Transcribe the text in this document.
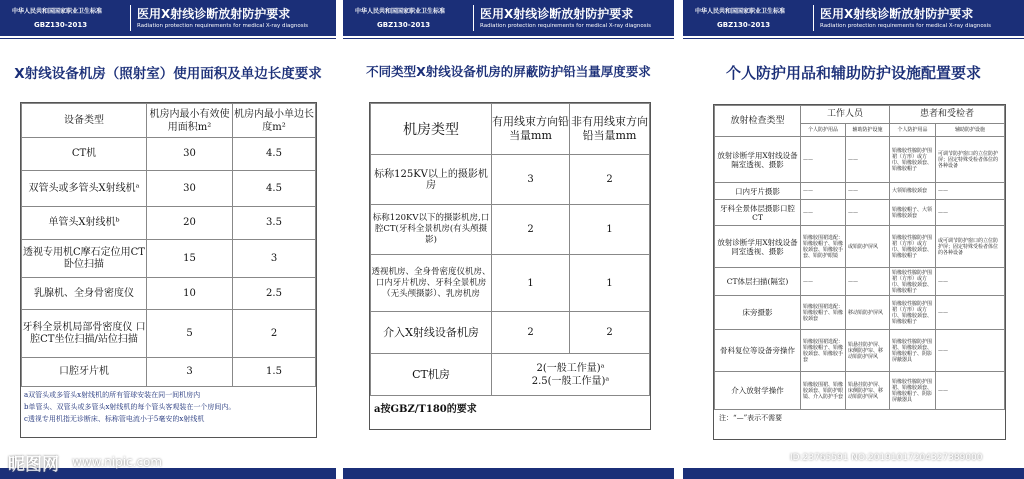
中华人民共和国国家职业卫生标准
GBZ130-2013
医用X射线诊断放射防护要求
Radiation protection requirements for medical X-ray diagnosis
X射线设备机房（照射室）使用面积及单边长度要求
设备类型	机房内最小有效使用面积m²	机房内最小单边长度m²
CT机	30	4.5
双管头或多管头X射线机ᵃ	30	4.5
单管头X射线机ᵇ	20	3.5
透视专用机C摩石定位用CT卧位扫描	15	3
乳腺机、全身骨密度仪	10	2.5
牙科全景机局部骨密度仪 口腔CT坐位扫描/站位扫描	5	2
口腔牙片机	3	1.5
a双管头或多管头x射线机的所有管球安装在同一间机房内
b单管头、双管头或多管头x射线机的每个管头客观装在一个房间内。
c透视专用机指无诊断床、标称管电流小于5毫安的x射线机
中华人民共和国国家职业卫生标准
GBZ130-2013
医用X射线诊断放射防护要求
Radiation protection requirements for medical X-ray diagnosis
不同类型X射线设备机房的屏蔽防护铅当量厚度要求
机房类型	有用线束方向铅当量mm	非有用线束方向铅当量mm
标称125KV以上的摄影机房	3	2
标称120KV以下的摄影机房,口腔CT(牙科全景机房(有头颅摄影)	2	1
透视机房、全身骨密度仪机房、口内牙片机房、牙科全景机房（无头颅摄影）、乳房机房	1	1
介入X射线设备机房	2	2
CT机房	2(一般工作量)ᵃ
2.5(一般工作量)ᵃ	
a按GBZ/T180的要求
中华人民共和国国家职业卫生标准
GBZ130-2013
医用X射线诊断放射防护要求
Radiation protection requirements for medical X-ray diagnosis
个人防护用品和辅助防护设施配置要求
放射检查类型	工作人员		患者和受检者	
	个人防护用品	辅助防护设施	个人防护用品	辅助防护设施
放射诊断学用X射线设备隔室透视、摄影	——	——	铅橡胶性腺防护围裙（方形）或方巾、铅橡胶颈套、铅橡胶帽子	可调节防护窗口的立位防护屏；固定特殊受检者体位的各种设备
口内牙片摄影	——	——	大领铅橡胶颈套	——
牙科全景体层摄影口腔CT	——	——	铅橡胶帽子、大领铅橡胶颈套	——
放射诊断学用X射线设备同室透视、摄影	铅橡胶围裙选配：铅橡胶帽子、铅橡胶颈套、铅橡胶手套、铅防护眼镜	或铅防护屏风	铅橡胶性腺防护围裙（方形）或方巾、铅橡胶颈套、铅橡胶帽子	或可调节防护窗口的立位防护屏；固定特殊受检者体位的各种设备
CT体层扫描(隔室)	——	——	铅橡胶性腺防护围裙（方形）或方巾、铅橡胶颈套、铅橡胶帽子	——
床旁摄影	铅橡胶围裙选配：铅橡胶帽子、铅橡胶颈套	移动铅防护屏风	铅橡胶性腺防护围裙（方形）或方巾、铅橡胶颈套、铅橡胶帽子	——
骨科复位等设备旁操作	铅橡胶围裙选配：铅橡胶帽子、铅橡胶颈套、铅橡胶手套	铅悬挂防护屏、床侧防护帘、移动铅防护屏风	铅橡胶性腺防护围裙、铅橡胶颈套、铅橡胶帽子、阴影屏蔽器具	——
介入放射学操作	铅橡胶围裙、铅橡胶颈套、铅防护眼镜、介入防护手套	铅悬挂防护屏、床侧防护帘、移动铅防护屏风	铅橡胶性腺防护围裙、铅橡胶颈套、铅橡胶帽子、阴影屏蔽器具	——
注：“—”表示不需要
昵图网 www.nipic.com	ID:23765591 NO:20191017204327389000
